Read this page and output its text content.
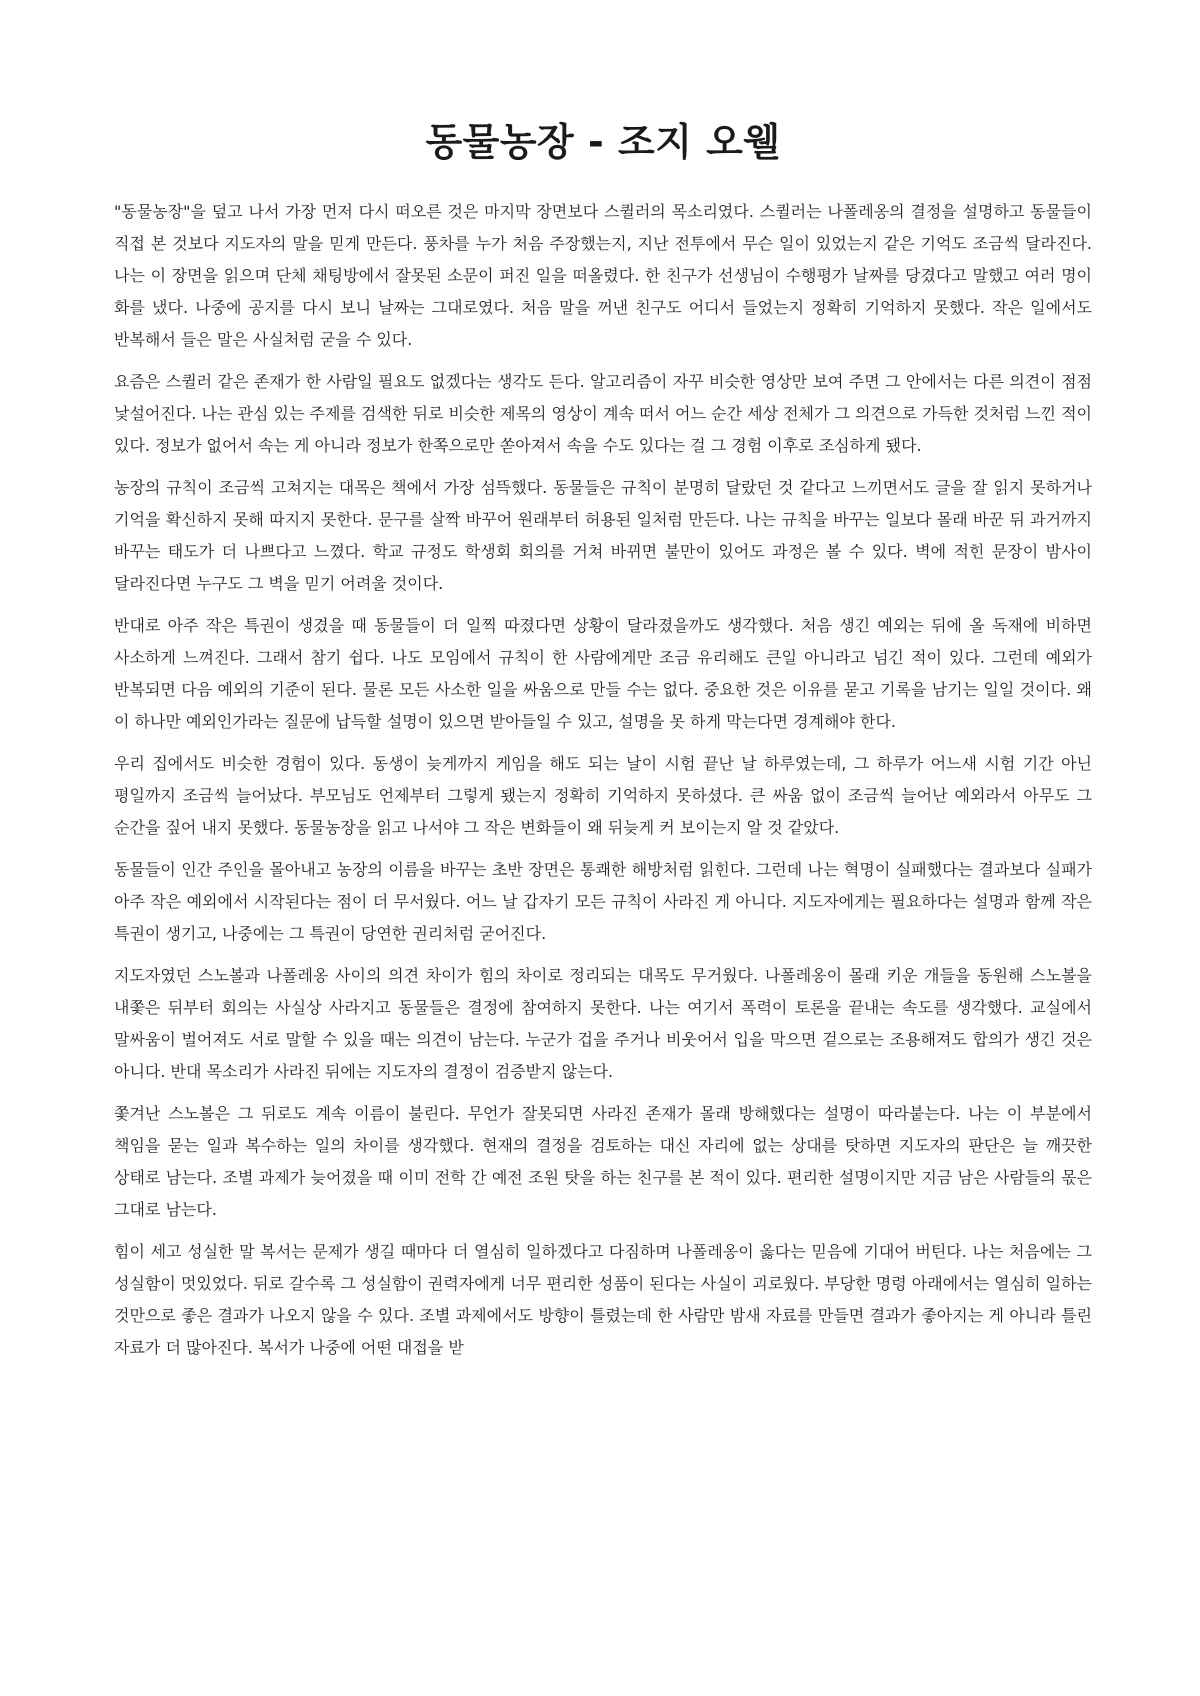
동물농장 - 조지 오웰

"동물농장"을 덮고 나서 가장 먼저 다시 떠오른 것은 마지막 장면보다 스퀼러의 목소리였다. 스퀼러는 나폴레옹의 결정을 설명하고 동물들이 직접 본 것보다 지도자의 말을 믿게 만든다. 풍차를 누가 처음 주장했는지, 지난 전투에서 무슨 일이 있었는지 같은 기억도 조금씩 달라진다. 나는 이 장면을 읽으며 단체 채팅방에서 잘못된 소문이 퍼진 일을 떠올렸다. 한 친구가 선생님이 수행평가 날짜를 당겼다고 말했고 여러 명이 화를 냈다. 나중에 공지를 다시 보니 날짜는 그대로였다. 처음 말을 꺼낸 친구도 어디서 들었는지 정확히 기억하지 못했다. 작은 일에서도 반복해서 들은 말은 사실처럼 굳을 수 있다.

요즘은 스퀼러 같은 존재가 한 사람일 필요도 없겠다는 생각도 든다. 알고리즘이 자꾸 비슷한 영상만 보여 주면 그 안에서는 다른 의견이 점점 낯설어진다. 나는 관심 있는 주제를 검색한 뒤로 비슷한 제목의 영상이 계속 떠서 어느 순간 세상 전체가 그 의견으로 가득한 것처럼 느낀 적이 있다. 정보가 없어서 속는 게 아니라 정보가 한쪽으로만 쏟아져서 속을 수도 있다는 걸 그 경험 이후로 조심하게 됐다.

농장의 규칙이 조금씩 고쳐지는 대목은 책에서 가장 섬뜩했다. 동물들은 규칙이 분명히 달랐던 것 같다고 느끼면서도 글을 잘 읽지 못하거나 기억을 확신하지 못해 따지지 못한다. 문구를 살짝 바꾸어 원래부터 허용된 일처럼 만든다. 나는 규칙을 바꾸는 일보다 몰래 바꾼 뒤 과거까지 바꾸는 태도가 더 나쁘다고 느꼈다. 학교 규정도 학생회 회의를 거쳐 바뀌면 불만이 있어도 과정은 볼 수 있다. 벽에 적힌 문장이 밤사이 달라진다면 누구도 그 벽을 믿기 어려울 것이다.

반대로 아주 작은 특권이 생겼을 때 동물들이 더 일찍 따졌다면 상황이 달라졌을까도 생각했다. 처음 생긴 예외는 뒤에 올 독재에 비하면 사소하게 느껴진다. 그래서 참기 쉽다. 나도 모임에서 규칙이 한 사람에게만 조금 유리해도 큰일 아니라고 넘긴 적이 있다. 그런데 예외가 반복되면 다음 예외의 기준이 된다. 물론 모든 사소한 일을 싸움으로 만들 수는 없다. 중요한 것은 이유를 묻고 기록을 남기는 일일 것이다. 왜 이 하나만 예외인가라는 질문에 납득할 설명이 있으면 받아들일 수 있고, 설명을 못 하게 막는다면 경계해야 한다.

우리 집에서도 비슷한 경험이 있다. 동생이 늦게까지 게임을 해도 되는 날이 시험 끝난 날 하루였는데, 그 하루가 어느새 시험 기간 아닌 평일까지 조금씩 늘어났다. 부모님도 언제부터 그렇게 됐는지 정확히 기억하지 못하셨다. 큰 싸움 없이 조금씩 늘어난 예외라서 아무도 그 순간을 짚어 내지 못했다. 동물농장을 읽고 나서야 그 작은 변화들이 왜 뒤늦게 커 보이는지 알 것 같았다.

동물들이 인간 주인을 몰아내고 농장의 이름을 바꾸는 초반 장면은 통쾌한 해방처럼 읽힌다. 그런데 나는 혁명이 실패했다는 결과보다 실패가 아주 작은 예외에서 시작된다는 점이 더 무서웠다. 어느 날 갑자기 모든 규칙이 사라진 게 아니다. 지도자에게는 필요하다는 설명과 함께 작은 특권이 생기고, 나중에는 그 특권이 당연한 권리처럼 굳어진다.

지도자였던 스노볼과 나폴레옹 사이의 의견 차이가 힘의 차이로 정리되는 대목도 무거웠다. 나폴레옹이 몰래 키운 개들을 동원해 스노볼을 내쫓은 뒤부터 회의는 사실상 사라지고 동물들은 결정에 참여하지 못한다. 나는 여기서 폭력이 토론을 끝내는 속도를 생각했다. 교실에서 말싸움이 벌어져도 서로 말할 수 있을 때는 의견이 남는다. 누군가 겁을 주거나 비웃어서 입을 막으면 겉으로는 조용해져도 합의가 생긴 것은 아니다. 반대 목소리가 사라진 뒤에는 지도자의 결정이 검증받지 않는다.

쫓겨난 스노볼은 그 뒤로도 계속 이름이 불린다. 무언가 잘못되면 사라진 존재가 몰래 방해했다는 설명이 따라붙는다. 나는 이 부분에서 책임을 묻는 일과 복수하는 일의 차이를 생각했다. 현재의 결정을 검토하는 대신 자리에 없는 상대를 탓하면 지도자의 판단은 늘 깨끗한 상태로 남는다. 조별 과제가 늦어졌을 때 이미 전학 간 예전 조원 탓을 하는 친구를 본 적이 있다. 편리한 설명이지만 지금 남은 사람들의 몫은 그대로 남는다.

힘이 세고 성실한 말 복서는 문제가 생길 때마다 더 열심히 일하겠다고 다짐하며 나폴레옹이 옳다는 믿음에 기대어 버틴다. 나는 처음에는 그 성실함이 멋있었다. 뒤로 갈수록 그 성실함이 권력자에게 너무 편리한 성품이 된다는 사실이 괴로웠다. 부당한 명령 아래에서는 열심히 일하는 것만으로 좋은 결과가 나오지 않을 수 있다. 조별 과제에서도 방향이 틀렸는데 한 사람만 밤새 자료를 만들면 결과가 좋아지는 게 아니라 틀린 자료가 더 많아진다. 복서가 나중에 어떤 대접을 받
